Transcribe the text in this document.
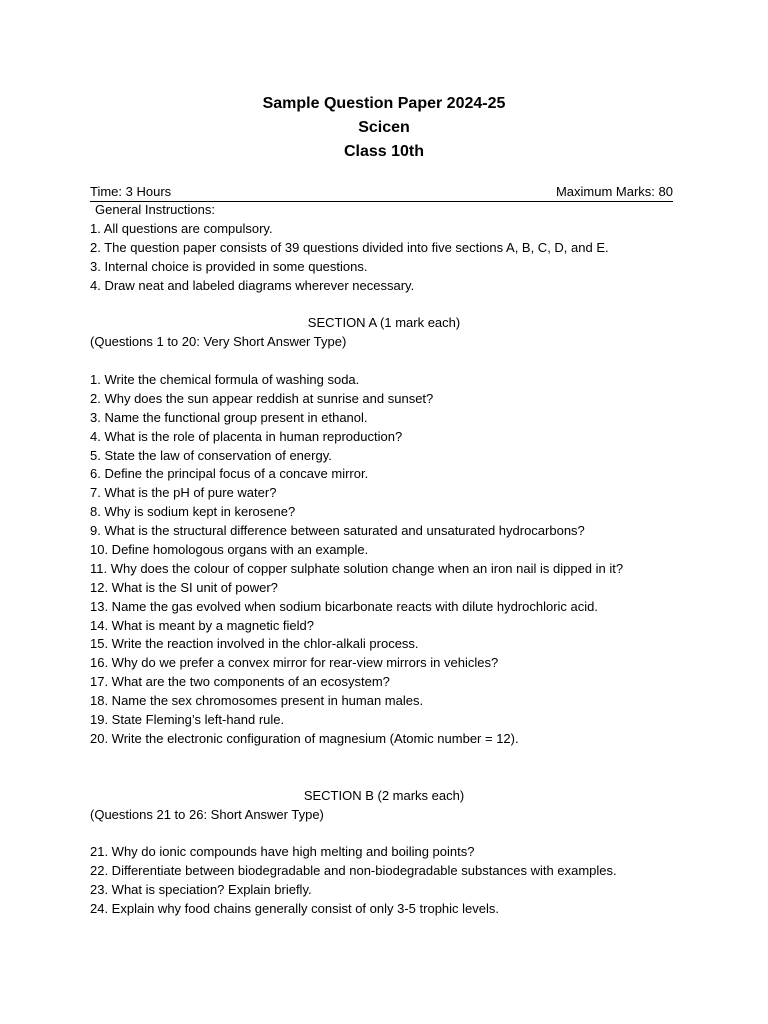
Sample Question Paper 2024-25
Scicen
Class 10th
Time: 3 Hours	Maximum Marks: 80
General Instructions:
1. All questions are compulsory.
2. The question paper consists of 39 questions divided into five sections A, B, C, D, and E.
3. Internal choice is provided in some questions.
4. Draw neat and labeled diagrams wherever necessary.
SECTION A (1 mark each)
(Questions 1 to 20: Very Short Answer Type)
1. Write the chemical formula of washing soda.
2. Why does the sun appear reddish at sunrise and sunset?
3. Name the functional group present in ethanol.
4. What is the role of placenta in human reproduction?
5. State the law of conservation of energy.
6. Define the principal focus of a concave mirror.
7. What is the pH of pure water?
8. Why is sodium kept in kerosene?
9. What is the structural difference between saturated and unsaturated hydrocarbons?
10. Define homologous organs with an example.
11. Why does the colour of copper sulphate solution change when an iron nail is dipped in it?
12. What is the SI unit of power?
13. Name the gas evolved when sodium bicarbonate reacts with dilute hydrochloric acid.
14. What is meant by a magnetic field?
15. Write the reaction involved in the chlor-alkali process.
16. Why do we prefer a convex mirror for rear-view mirrors in vehicles?
17. What are the two components of an ecosystem?
18. Name the sex chromosomes present in human males.
19. State Fleming’s left-hand rule.
20. Write the electronic configuration of magnesium (Atomic number = 12).
SECTION B (2 marks each)
(Questions 21 to 26: Short Answer Type)
21. Why do ionic compounds have high melting and boiling points?
22. Differentiate between biodegradable and non-biodegradable substances with examples.
23. What is speciation? Explain briefly.
24. Explain why food chains generally consist of only 3-5 trophic levels.
